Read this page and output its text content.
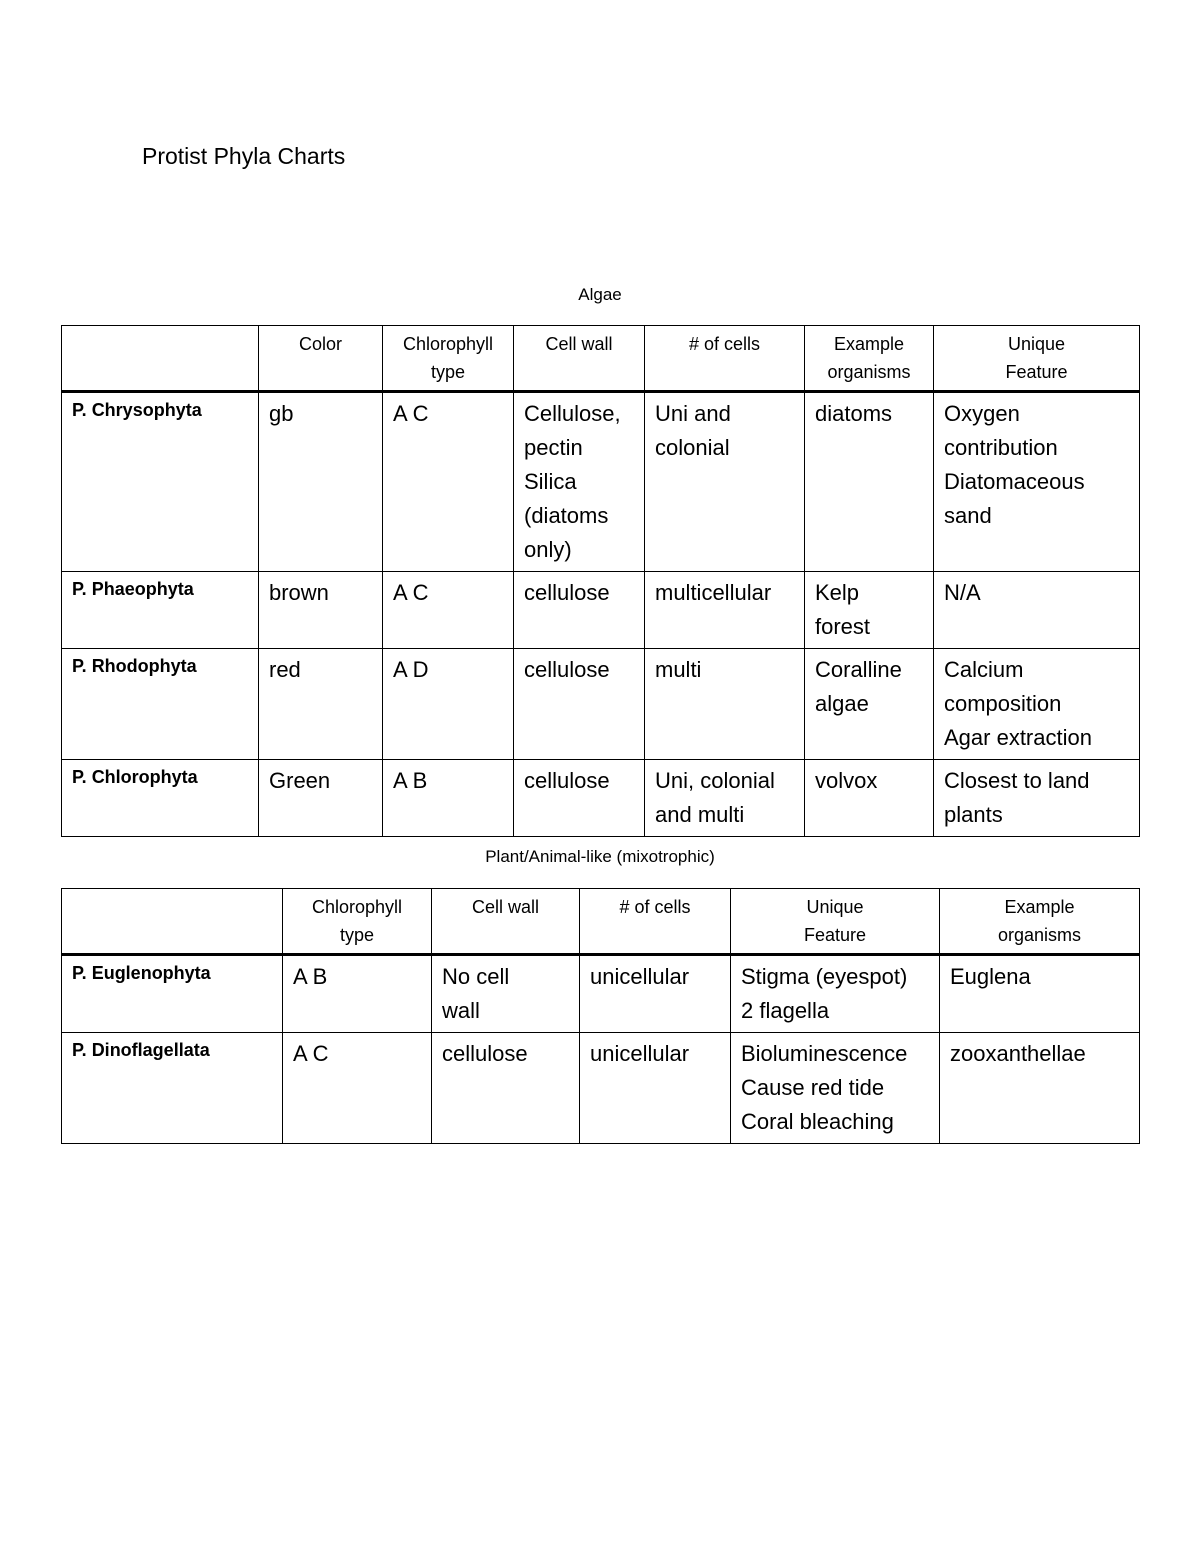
Protist Phyla Charts

Algae

	Color	Chlorophyll
type	Cell wall	# of cells	Example
organisms	Unique
Feature

P. Chrysophyta	gb	A C	Cellulose,
pectin
Silica
(diatoms
only)	Uni and
colonial	diatoms	Oxygen
contribution
Diatomaceous
sand

P. Phaeophyta	brown	A C	cellulose	multicellular	Kelp
forest	N/A

P. Rhodophyta	red	A D	cellulose	multi	Coralline
algae	Calcium
composition
Agar extraction

P. Chlorophyta	Green	A B	cellulose	Uni, colonial
and multi	volvox	Closest to land
plants

Plant/Animal-like (mixotrophic)

	Chlorophyll
type	Cell wall	# of cells	Unique
Feature	Example
organisms

P. Euglenophyta	A B	No cell
wall	unicellular	Stigma (eyespot)
2 flagella	Euglena

P. Dinoflagellata	A C	cellulose	unicellular	Bioluminescence
Cause red tide
Coral bleaching	zooxanthellae
